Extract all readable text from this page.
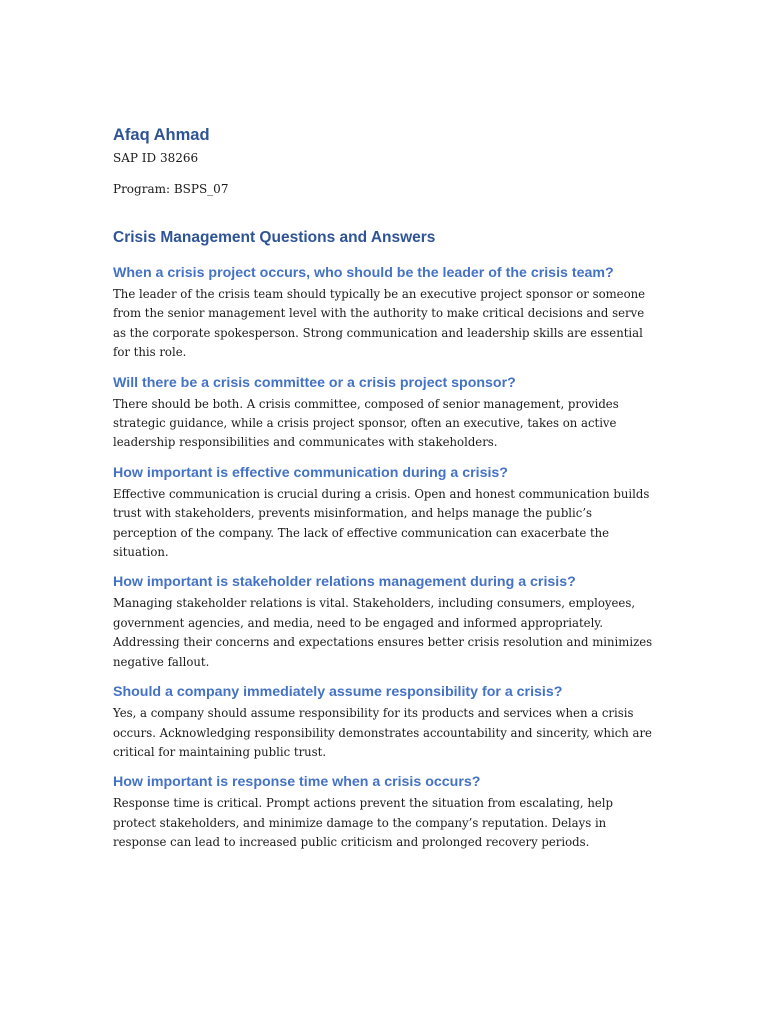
Afaq Ahmad

SAP ID 38266

Program: BSPS_07

Crisis Management Questions and Answers
When a crisis project occurs, who should be the leader of the crisis team?

The leader of the crisis team should typically be an executive project sponsor or someone from the senior management level with the authority to make critical decisions and serve as the corporate spokesperson. Strong communication and leadership skills are essential for this role.

Will there be a crisis committee or a crisis project sponsor?

There should be both. A crisis committee, composed of senior management, provides strategic guidance, while a crisis project sponsor, often an executive, takes on active leadership responsibilities and communicates with stakeholders.

How important is effective communication during a crisis?

Effective communication is crucial during a crisis. Open and honest communication builds trust with stakeholders, prevents misinformation, and helps manage the public’s perception of the company. The lack of effective communication can exacerbate the situation.

How important is stakeholder relations management during a crisis?

Managing stakeholder relations is vital. Stakeholders, including consumers, employees, government agencies, and media, need to be engaged and informed appropriately. Addressing their concerns and expectations ensures better crisis resolution and minimizes negative fallout.

Should a company immediately assume responsibility for a crisis?

Yes, a company should assume responsibility for its products and services when a crisis occurs. Acknowledging responsibility demonstrates accountability and sincerity, which are critical for maintaining public trust.

How important is response time when a crisis occurs?

Response time is critical. Prompt actions prevent the situation from escalating, help protect stakeholders, and minimize damage to the company’s reputation. Delays in response can lead to increased public criticism and prolonged recovery periods.
